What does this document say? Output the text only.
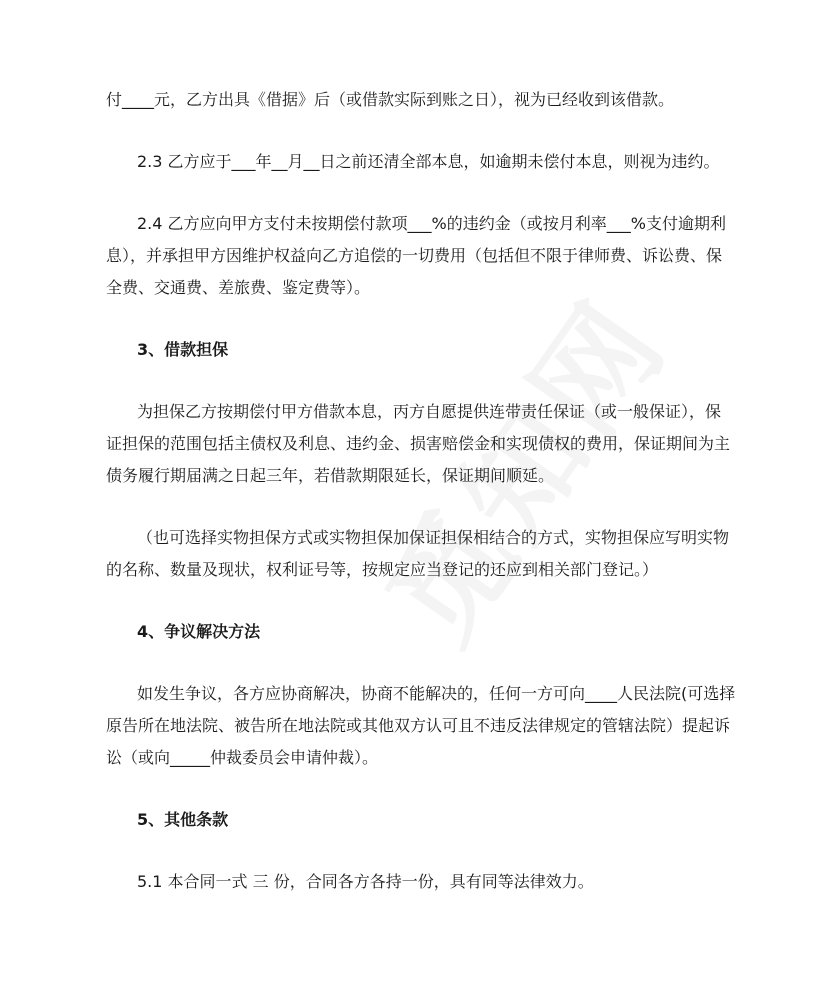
付____元，乙方出具《借据》后（或借款实际到账之日），视为已经收到该借款。
2.3 乙方应于___年__月__日之前还清全部本息，如逾期未偿付本息，则视为违约。
2.4 乙方应向甲方支付未按期偿付款项___%的违约金（或按月利率___%支付逾期利
息），并承担甲方因维护权益向乙方追偿的一切费用（包括但不限于律师费、诉讼费、保
全费、交通费、差旅费、鉴定费等）。
3、借款担保
为担保乙方按期偿付甲方借款本息，丙方自愿提供连带责任保证（或一般保证），保
证担保的范围包括主债权及利息、违约金、损害赔偿金和实现债权的费用，保证期间为主
债务履行期届满之日起三年，若借款期限延长，保证期间顺延。
（也可选择实物担保方式或实物担保加保证担保相结合的方式，实物担保应写明实物
的名称、数量及现状，权利证号等，按规定应当登记的还应到相关部门登记。）
4、争议解决方法
如发生争议，各方应协商解决，协商不能解决的，任何一方可向____人民法院(可选择
原告所在地法院、被告所在地法院或其他双方认可且不违反法律规定的管辖法院）提起诉
讼（或向_____仲裁委员会申请仲裁）。
5、其他条款
5.1 本合同一式 三 份，合同各方各持一份，具有同等法律效力。
